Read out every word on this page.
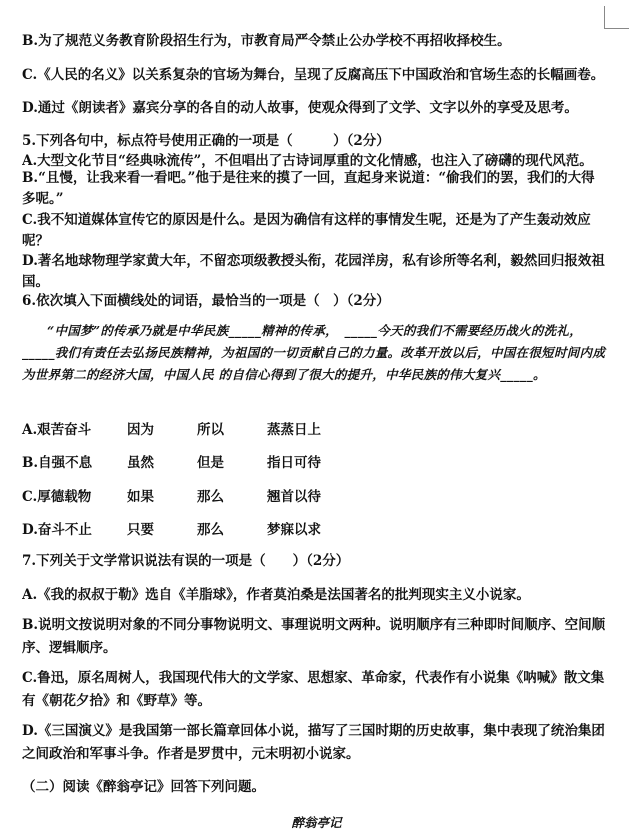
B.为了规范义务教育阶段招生行为，市教育局严令禁止公办学校不再招收择校生。
C.《人民的名义》以关系复杂的官场为舞台，呈现了反腐高压下中国政治和官场生态的长幅画卷。
D.通过《朗读者》嘉宾分享的各自的动人故事，使观众得到了文学、文字以外的享受及思考。
5.下列各句中，标点符号使用正确的一项是（　　　）（2分）
A.大型文化节目“经典咏流传”，不但唱出了古诗词厚重的文化情感，也注入了磅礴的现代风范。
B.“且慢，让我来看一看吧。”他于是往来的摸了一回，直起身来说道：“偷我们的罢，我们的大得多呢。”
C.我不知道媒体宣传它的原因是什么。是因为确信有这样的事情发生呢，还是为了产生轰动效应呢？
D.著名地球物理学家黄大年，不留恋项级教授头衔，花园洋房，私有诊所等名利，毅然回归报效祖国。
6.依次填入下面横线处的词语，最恰当的一项是（　）（2分）
“中国梦”的传承乃就是中华民族_____精神的传承，　_____今天的我们不需要经历战火的洗礼，_____我们有责任去弘扬民族精神，为祖国的一切贡献自己的力量。改革开放以后，中国在很短时间内成为世界第二的经济大国，中国人民 的自信心得到了很大的提升，中华民族的伟大复兴_____。
A.艰苦奋斗	因为	所以	蒸蒸日上
B.自强不息	虽然	但是	指日可待
C.厚德载物	如果	那么	翘首以待
D.奋斗不止	只要	那么	梦寐以求
7.下列关于文学常识说法有误的一项是（　　）（2分）
A.《我的叔叔于勒》选自《羊脂球》，作者莫泊桑是法国著名的批判现实主义小说家。
B.说明文按说明对象的不同分事物说明文、事理说明文两种。说明顺序有三种即时间顺序、空间顺序、逻辑顺序。
C.鲁迅，原名周树人，我国现代伟大的文学家、思想家、革命家，代表作有小说集《呐喊》散文集有《朝花夕拾》和《野草》等。
D.《三国演义》是我国第一部长篇章回体小说，描写了三国时期的历史故事，集中表现了统治集团之间政治和军事斗争。作者是罗贯中，元末明初小说家。
（二）阅读《醉翁亭记》回答下列问题。
醉翁亭记
